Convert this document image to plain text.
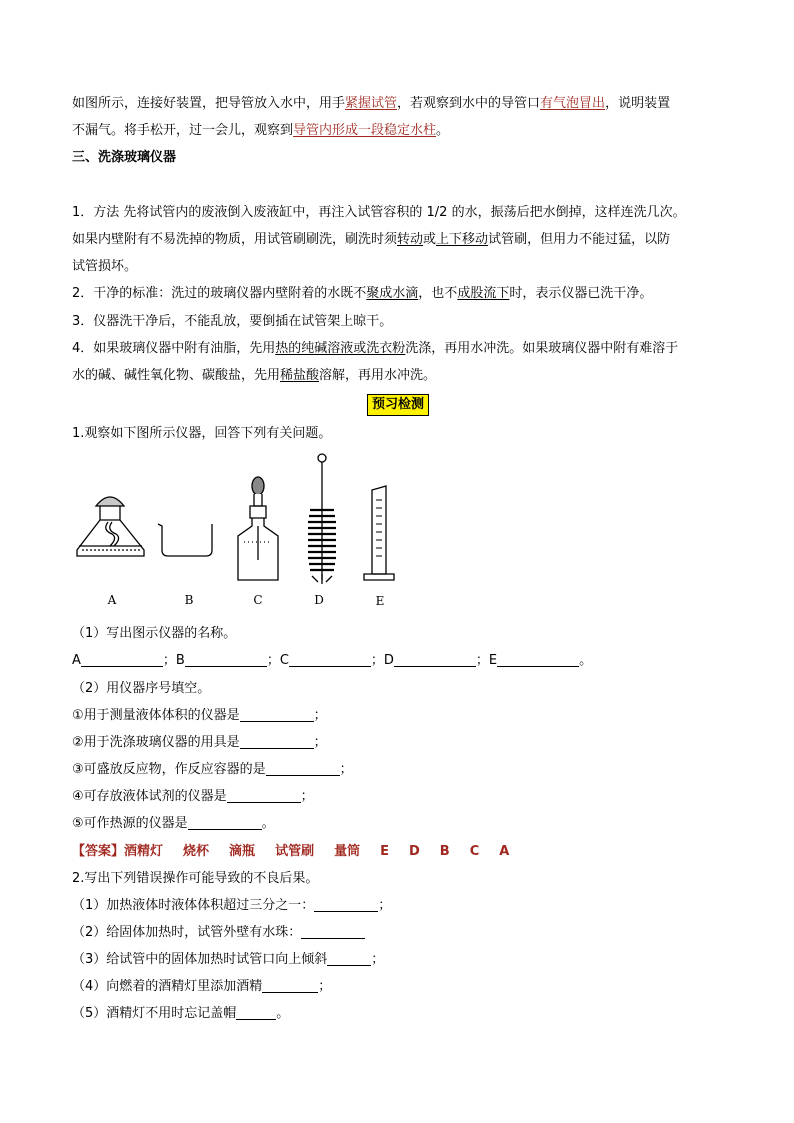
如图所示，连接好装置，把导管放入水中，用手紧握试管，若观察到水中的导管口有气泡冒出，说明装置
不漏气。将手松开，过一会儿，观察到导管内形成一段稳定水柱。
三、洗涤玻璃仪器
1．方法 先将试管内的废液倒入废液缸中，再注入试管容积的 1/2 的水，振荡后把水倒掉，这样连洗几次。
如果内壁附有不易洗掉的物质，用试管刷刷洗，刷洗时须转动或上下移动试管刷，但用力不能过猛，以防
试管损坏。
2．干净的标准：洗过的玻璃仪器内壁附着的水既不聚成水滴，也不成股流下时，表示仪器已洗干净。
3．仪器洗干净后，不能乱放，要倒插在试管架上晾干。
4．如果玻璃仪器中附有油脂，先用热的纯碱溶液或洗衣粉洗涤，再用水冲洗。如果玻璃仪器中附有难溶于
水的碱、碱性氧化物、碳酸盐，先用稀盐酸溶解，再用水冲洗。
预习检测
1.观察如下图所示仪器，回答下列有关问题。
A	B	C	D	E
（1）写出图示仪器的名称。
A	；B	；C	；D	；E	。
（2）用仪器序号填空。
①用于测量液体体积的仪器是	；
②用于洗涤玻璃仪器的用具是	；
③可盛放反应物，作反应容器的是	；
④可存放液体试剂的仪器是	；
⑤可作热源的仪器是	。
【答案】酒精灯 烧杯 滴瓶 试管刷 量筒 E D B C A
2.写出下列错误操作可能导致的不良后果。
（1）加热液体时液体体积超过三分之一：	；
（2）给固体加热时，试管外壁有水珠：
（3）给试管中的固体加热时试管口向上倾斜	；
（4）向燃着的酒精灯里添加酒精	；
（5）酒精灯不用时忘记盖帽	。
